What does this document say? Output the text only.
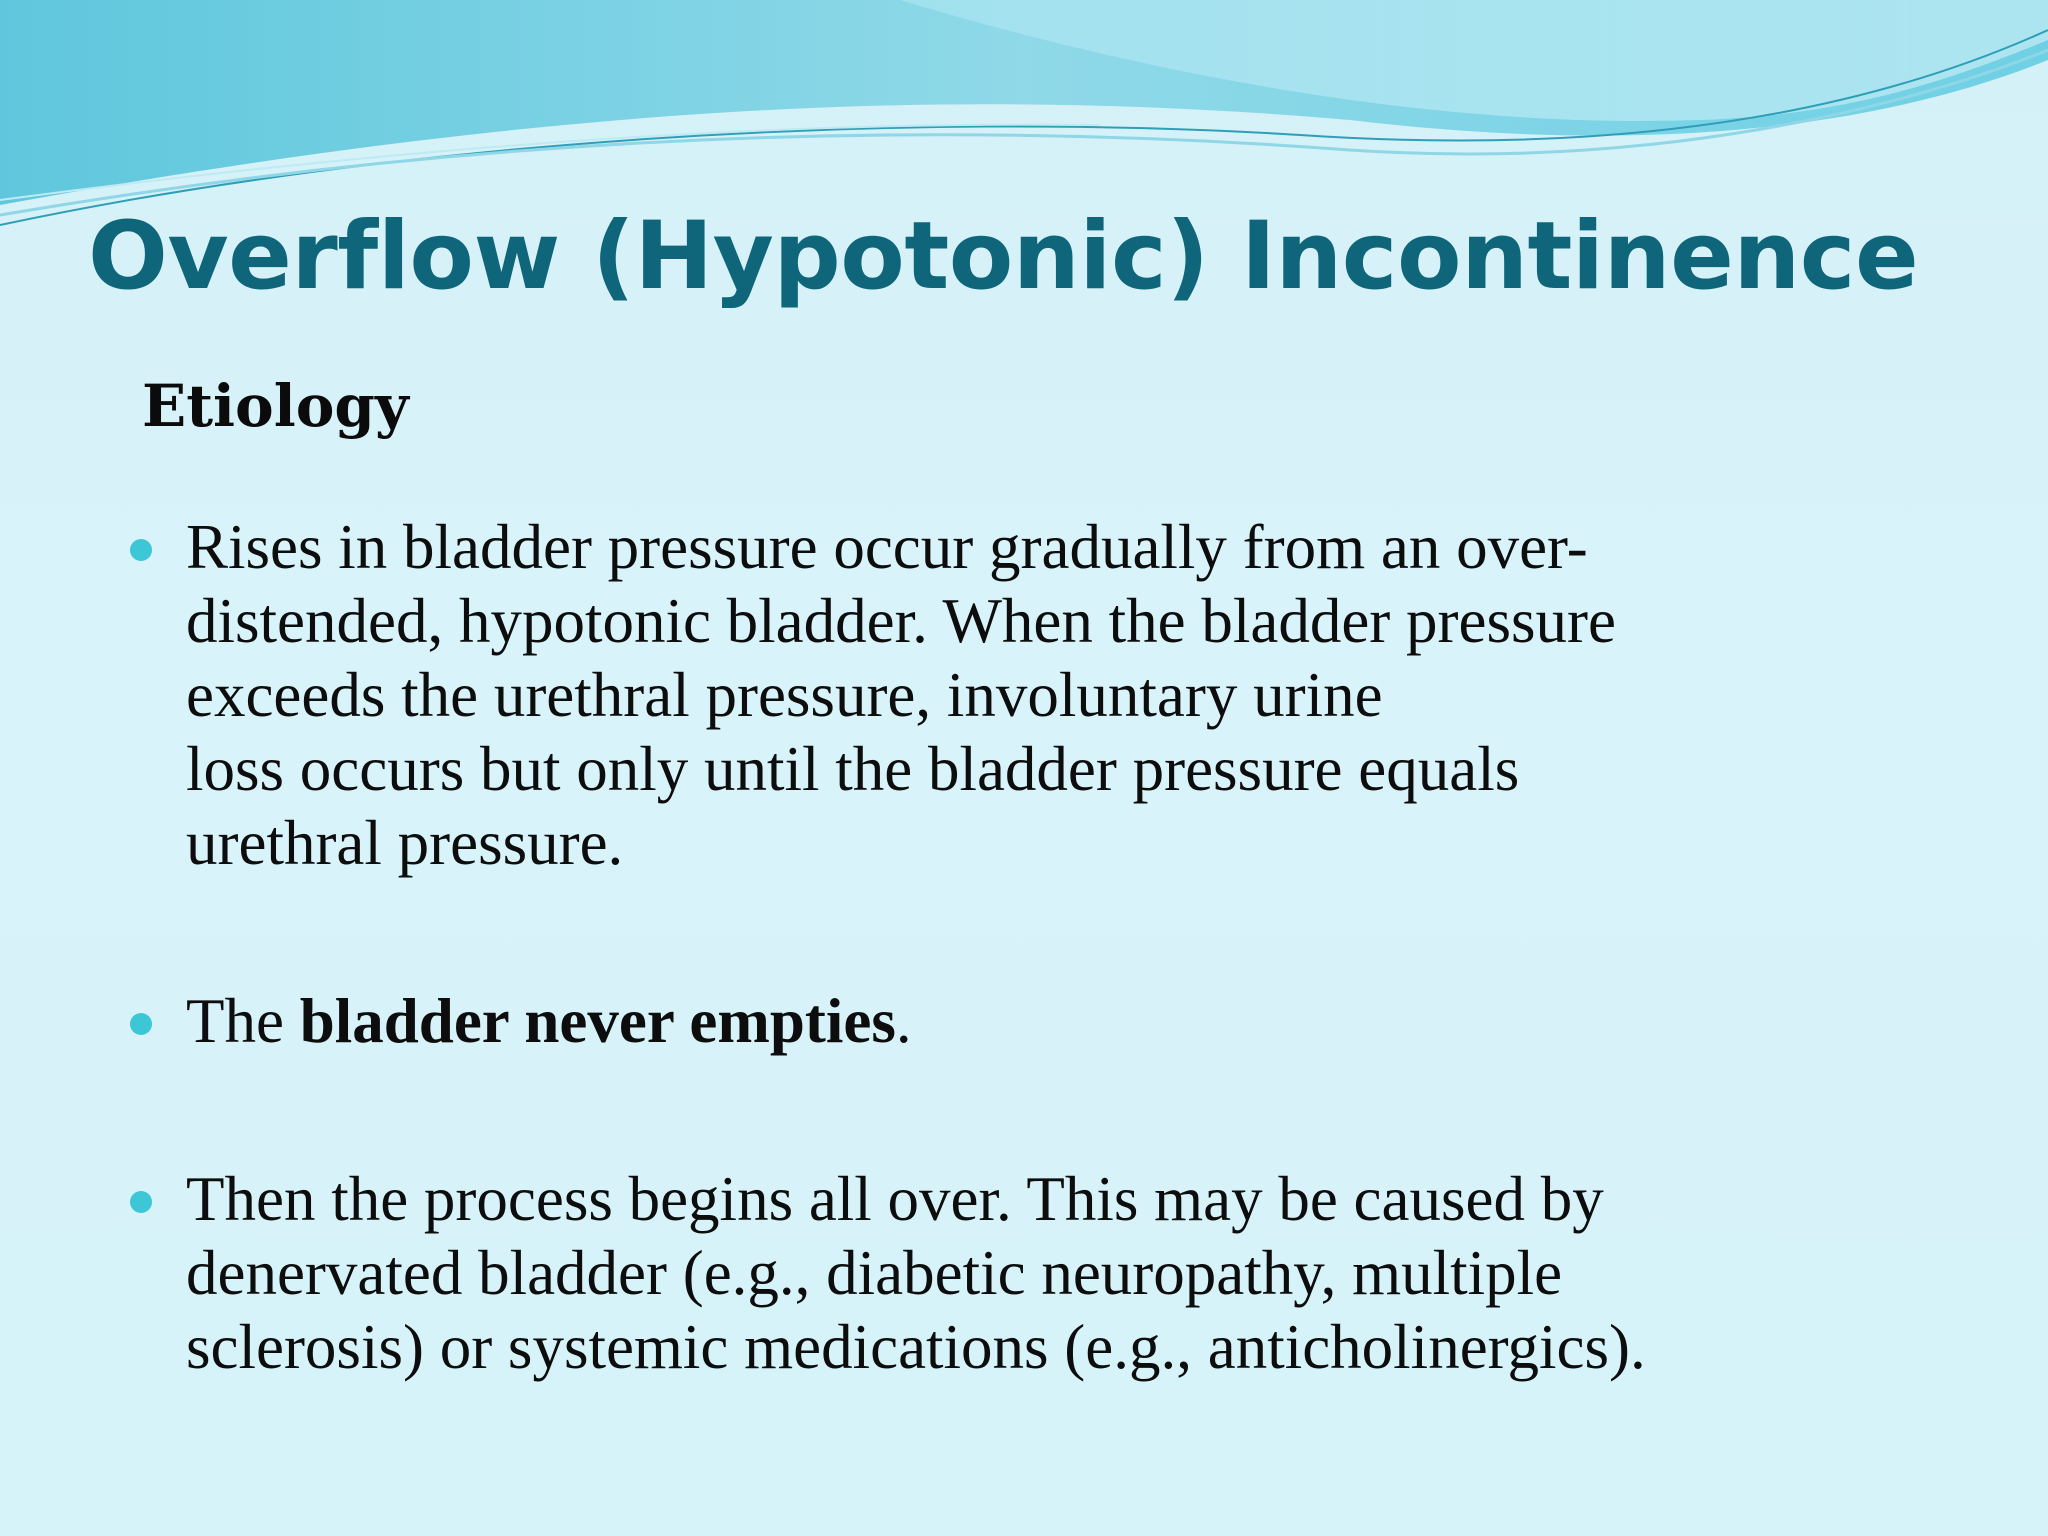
Overflow (Hypotonic) Incontinence
Etiology
Rises in bladder pressure occur gradually from an over-
distended, hypotonic bladder. When the bladder pressure
exceeds the urethral pressure, involuntary urine
loss occurs but only until the bladder pressure equals
urethral pressure.
The bladder never empties.
Then the process begins all over. This may be caused by
denervated bladder (e.g., diabetic neuropathy, multiple
sclerosis) or systemic medications (e.g., anticholinergics).
